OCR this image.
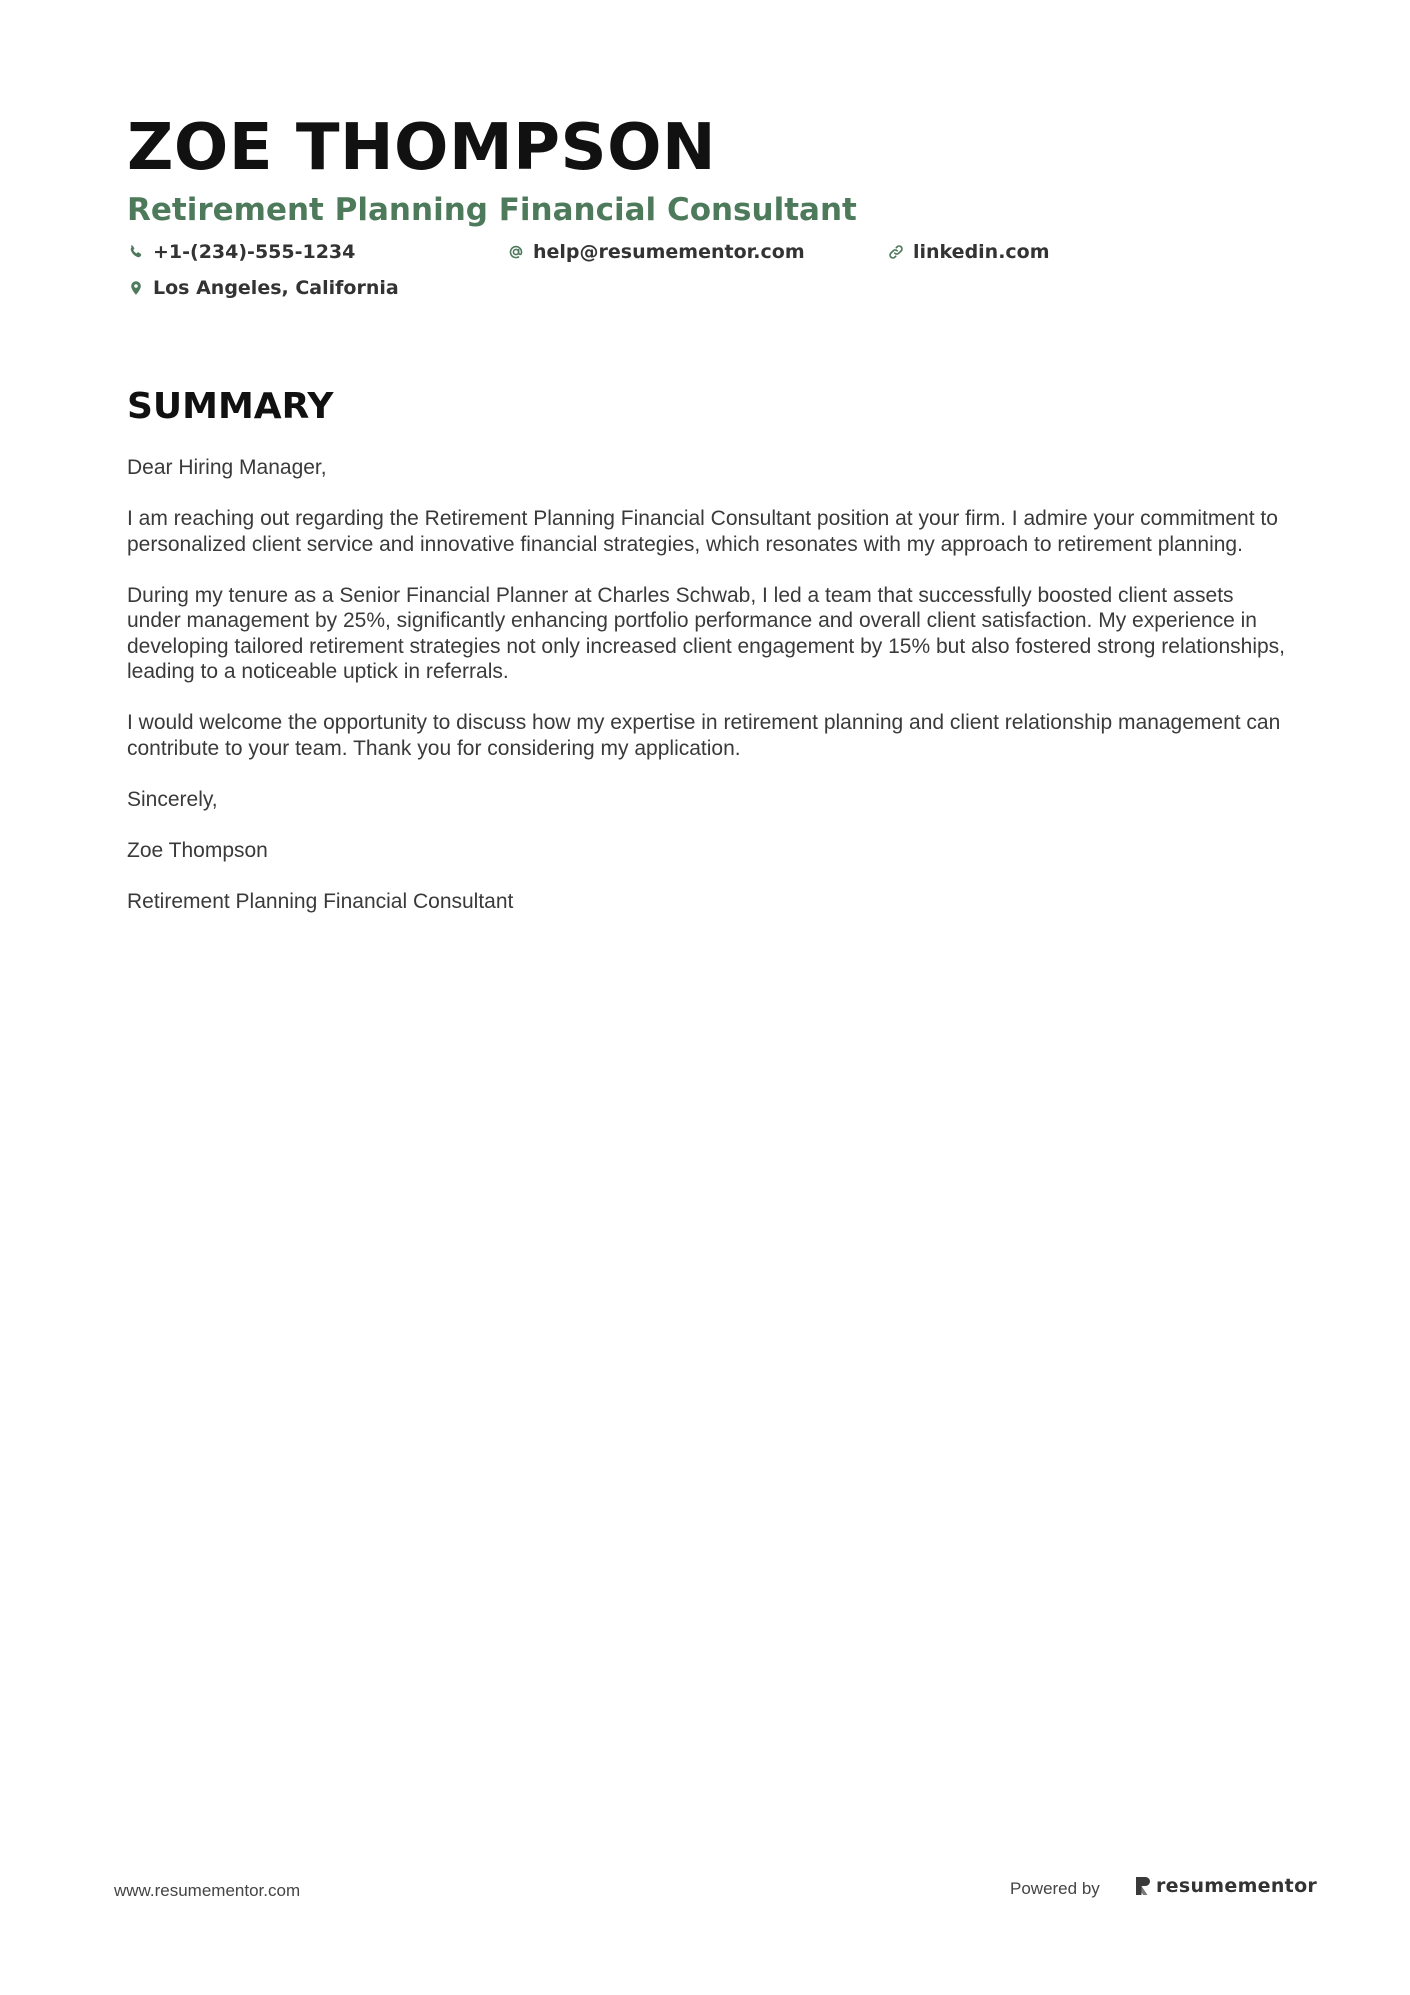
ZOE THOMPSON
Retirement Planning Financial Consultant
+1-(234)-555-1234	help@resumementor.com	linkedin.com
Los Angeles, California
SUMMARY

Dear Hiring Manager,

I am reaching out regarding the Retirement Planning Financial Consultant position at your firm. I admire your commitment to personalized client service and innovative financial strategies, which resonates with my approach to retirement planning.

During my tenure as a Senior Financial Planner at Charles Schwab, I led a team that successfully boosted client assets under management by 25%, significantly enhancing portfolio performance and overall client satisfaction. My experience in developing tailored retirement strategies not only increased client engagement by 15% but also fostered strong relationships, leading to a noticeable uptick in referrals.

I would welcome the opportunity to discuss how my expertise in retirement planning and client relationship management can contribute to your team. Thank you for considering my application.

Sincerely,

Zoe Thompson

Retirement Planning Financial Consultant

www.resumementor.com	Powered by	resumementor
